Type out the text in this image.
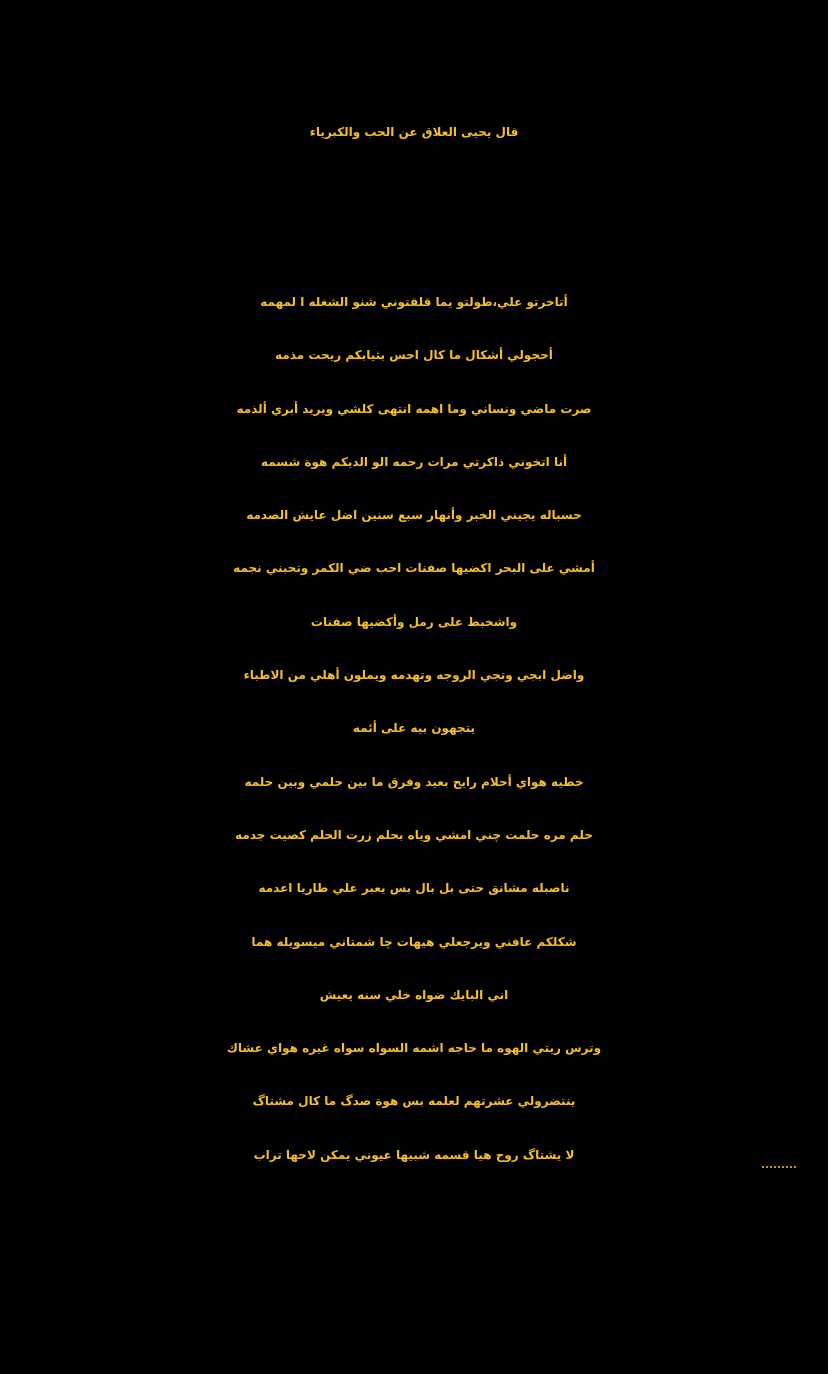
قال يحيى العلاق عن الحب والكبرياء
أتاخرتو علي،طولتو يما قلقتوني شنو الشغله ا لمهمه
أحجولي أشكال ما كال احس بثيابكم ريحت مذمه
صرت ماضي ونساني وما اهمه انتهى كلشي ويريد أبري ألذمه
أنا اتخوني ذاكرتي مرات رحمه الو الديكم هوة شسمه
حسباله يجيني الخبر وأنهار سبع سنين اضل عايش الصدمه
أمشي على البحر اكضيها صفنات احب ضي الكمر وتحبني نجمه
واشخبط على رمل وأكضيها صفنات
واضل ابجي وتجي الروجه وتهدمه ويملون أهلي من الاطباء
يتجهون بيه على أئمه
خطيه هواي أحلام رايح بعيد وفرق ما بين حلمي وبين حلمه
حلم مره حلمت چني امشي وياه بحلم زرت الحلم كصيت جدمه
ناصبله مشانق حتى بل بال بس يعبر علي طاريا اعدمه
شكلكم عافني ويرجعلي هيهات چا شمتاني ميسويله هما
اني البايك ضواه خلي سنه يعيش
وترس ريتي الهوه ما حاجه اشمه السواه سواه غيره هواي عشاك
ينتضرولي عشرتهم لعلمه بس هوة صدگ ما كال مشتاگ
لا يشتاگ روح هيا قسمه شبيها عيوني يمكن لاحها تراب
